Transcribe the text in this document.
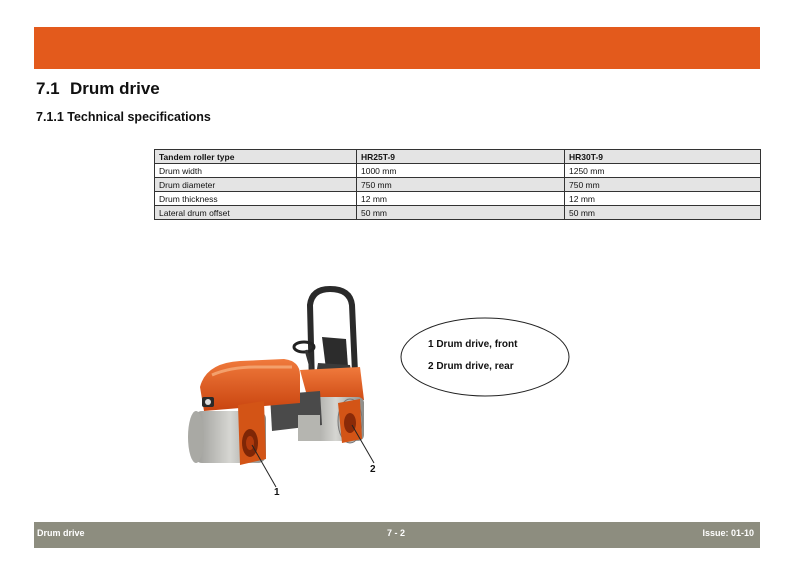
7.1 Drum drive
7.1.1 Technical specifications
Tandem roller type	HR25T-9	HR30T-9
Drum width	1000 mm	1250 mm
Drum diameter	750 mm	750 mm
Drum thickness	12 mm	12 mm
Lateral drum offset	50 mm	50 mm
1
2
1 Drum drive, front
2 Drum drive, rear
Drum drive	7 - 2	Issue: 01-10
